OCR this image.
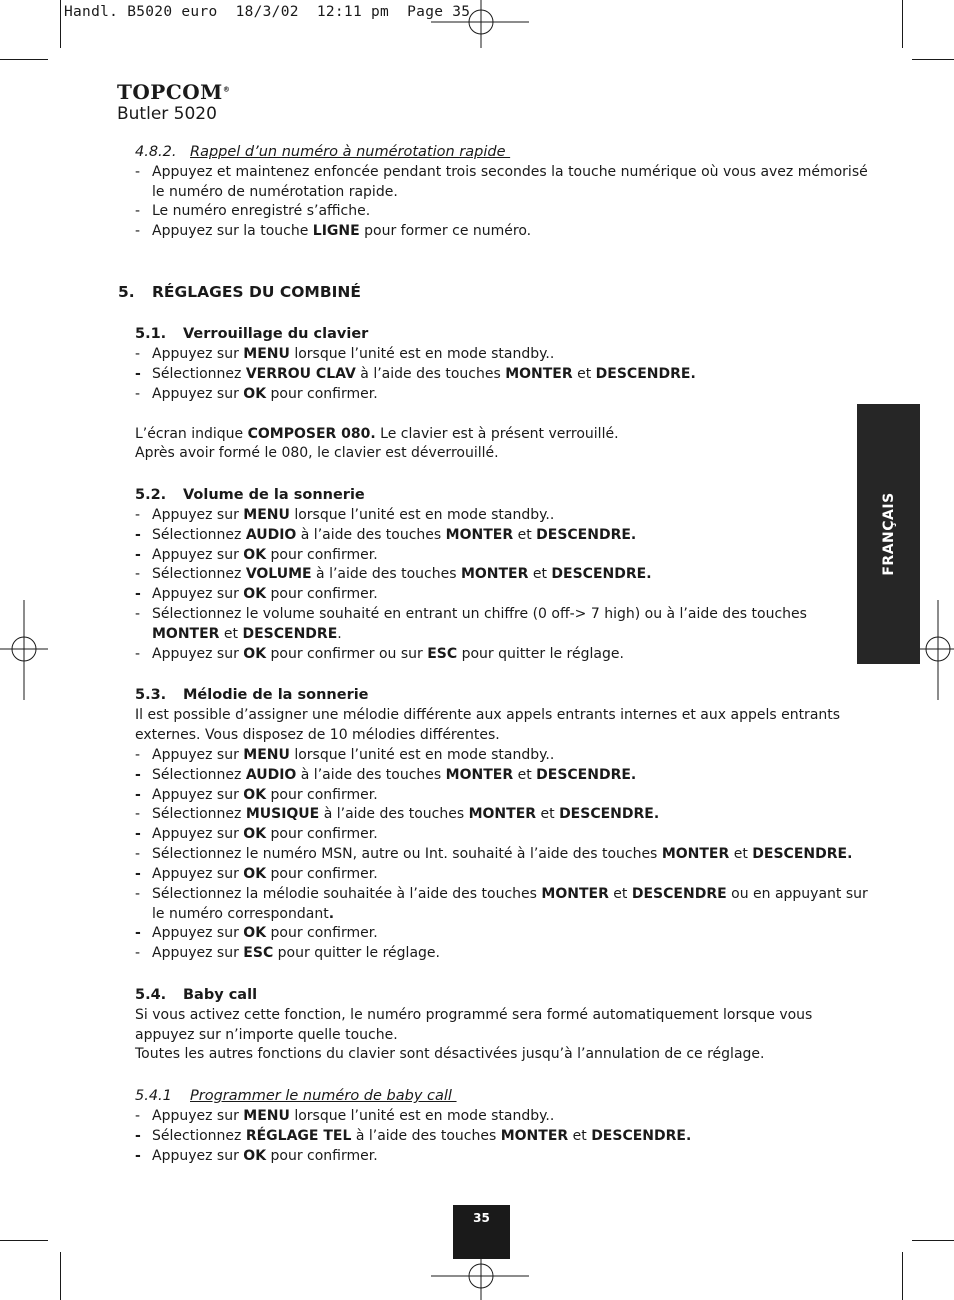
Handl. B5020 euro  18/3/02  12:11 pm  Page 35
TOPCOM®
Butler 5020
FRANÇAIS
4.8.2. Rappel d’un numéro à numérotation rapide
- Appuyez et maintenez enfoncée pendant trois secondes la touche numérique où vous avez mémorisé
le numéro de numérotation rapide.
- Le numéro enregistré s’affiche.
- Appuyez sur la touche LIGNE pour former ce numéro.
5. RÉGLAGES DU COMBINÉ
5.1. Verrouillage du clavier
- Appuyez sur MENU lorsque l’unité est en mode standby..
- Sélectionnez VERROU CLAV à l’aide des touches MONTER et DESCENDRE.
- Appuyez sur OK pour confirmer.
L’écran indique COMPOSER 080. Le clavier est à présent verrouillé.
Après avoir formé le 080, le clavier est déverrouillé.
5.2. Volume de la sonnerie
- Appuyez sur MENU lorsque l’unité est en mode standby..
- Sélectionnez AUDIO à l’aide des touches MONTER et DESCENDRE.
- Appuyez sur OK pour confirmer.
- Sélectionnez VOLUME à l’aide des touches MONTER et DESCENDRE.
- Appuyez sur OK pour confirmer.
- Sélectionnez le volume souhaité en entrant un chiffre (0 off-> 7 high) ou à l’aide des touches
MONTER et DESCENDRE.
- Appuyez sur OK pour confirmer ou sur ESC pour quitter le réglage.
5.3. Mélodie de la sonnerie
Il est possible d’assigner une mélodie différente aux appels entrants internes et aux appels entrants
externes. Vous disposez de 10 mélodies différentes.
- Appuyez sur MENU lorsque l’unité est en mode standby..
- Sélectionnez AUDIO à l’aide des touches MONTER et DESCENDRE.
- Appuyez sur OK pour confirmer.
- Sélectionnez MUSIQUE à l’aide des touches MONTER et DESCENDRE.
- Appuyez sur OK pour confirmer.
- Sélectionnez le numéro MSN, autre ou Int. souhaité à l’aide des touches MONTER et DESCENDRE.
- Appuyez sur OK pour confirmer.
- Sélectionnez la mélodie souhaitée à l’aide des touches MONTER et DESCENDRE ou en appuyant sur
le numéro correspondant.
- Appuyez sur OK pour confirmer.
- Appuyez sur ESC pour quitter le réglage.
5.4. Baby call
Si vous activez cette fonction, le numéro programmé sera formé automatiquement lorsque vous
appuyez sur n’importe quelle touche.
Toutes les autres fonctions du clavier sont désactivées jusqu’à l’annulation de ce réglage.
5.4.1 Programmer le numéro de baby call
- Appuyez sur MENU lorsque l’unité est en mode standby..
- Sélectionnez RÉGLAGE TEL à l’aide des touches MONTER et DESCENDRE.
- Appuyez sur OK pour confirmer.
35
